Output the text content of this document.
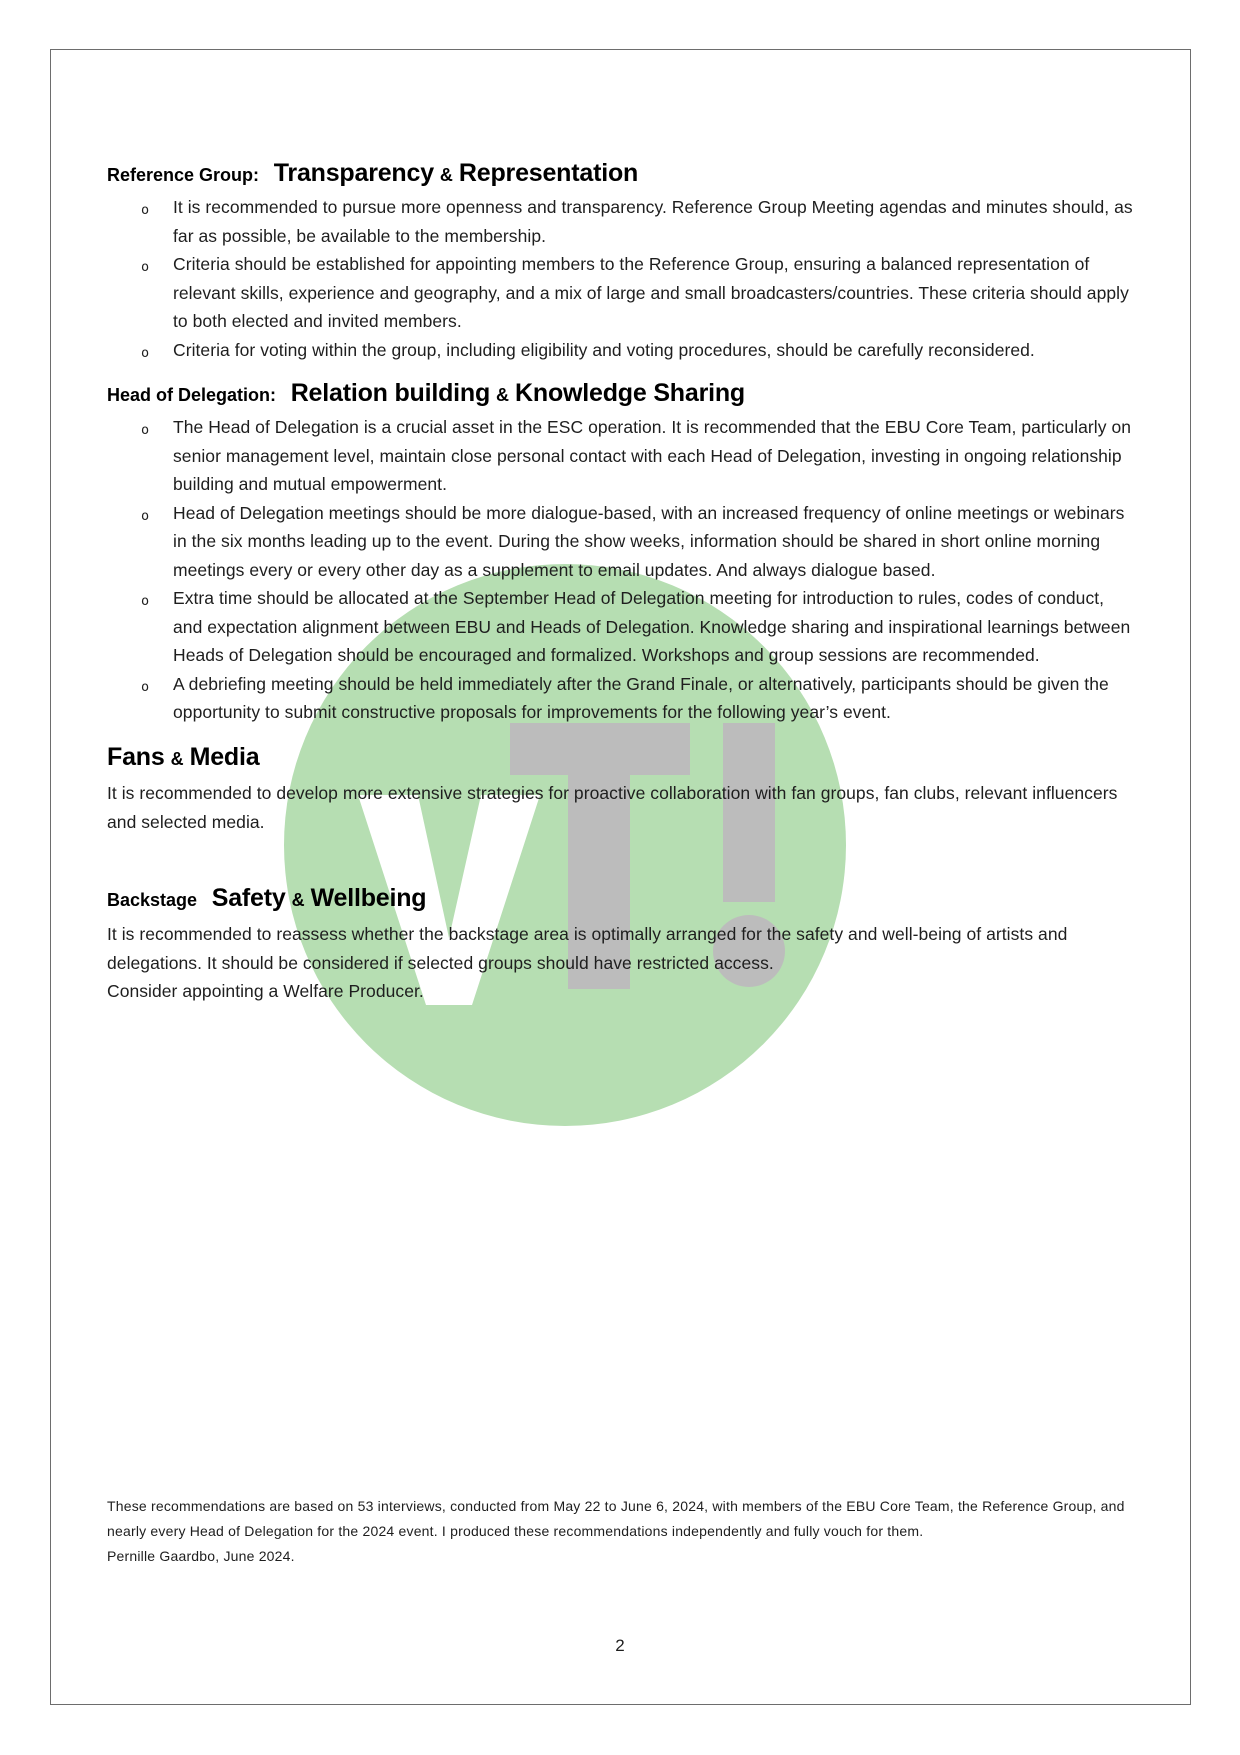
Reference Group: Transparency & Representation
o It is recommended to pursue more openness and transparency. Reference Group Meeting agendas and minutes should, as far as possible, be available to the membership.
o Criteria should be established for appointing members to the Reference Group, ensuring a balanced representation of relevant skills, experience and geography, and a mix of large and small broadcasters/countries. These criteria should apply to both elected and invited members.
o Criteria for voting within the group, including eligibility and voting procedures, should be carefully reconsidered.
Head of Delegation: Relation building & Knowledge Sharing
o The Head of Delegation is a crucial asset in the ESC operation. It is recommended that the EBU Core Team, particularly on senior management level, maintain close personal contact with each Head of Delegation, investing in ongoing relationship building and mutual empowerment.
o Head of Delegation meetings should be more dialogue-based, with an increased frequency of online meetings or webinars in the six months leading up to the event. During the show weeks, information should be shared in short online morning meetings every or every other day as a supplement to email updates. And always dialogue based.
o Extra time should be allocated at the September Head of Delegation meeting for introduction to rules, codes of conduct, and expectation alignment between EBU and Heads of Delegation. Knowledge sharing and inspirational learnings between Heads of Delegation should be encouraged and formalized. Workshops and group sessions are recommended.
o A debriefing meeting should be held immediately after the Grand Finale, or alternatively, participants should be given the opportunity to submit constructive proposals for improvements for the following year’s event.
Fans & Media
It is recommended to develop more extensive strategies for proactive collaboration with fan groups, fan clubs, relevant influencers and selected media.
Backstage Safety & Wellbeing
It is recommended to reassess whether the backstage area is optimally arranged for the safety and well-being of artists and delegations. It should be considered if selected groups should have restricted access.
Consider appointing a Welfare Producer.
These recommendations are based on 53 interviews, conducted from May 22 to June 6, 2024, with members of the EBU Core Team, the Reference Group, and nearly every Head of Delegation for the 2024 event. I produced these recommendations independently and fully vouch for them.
Pernille Gaardbo, June 2024.
2
